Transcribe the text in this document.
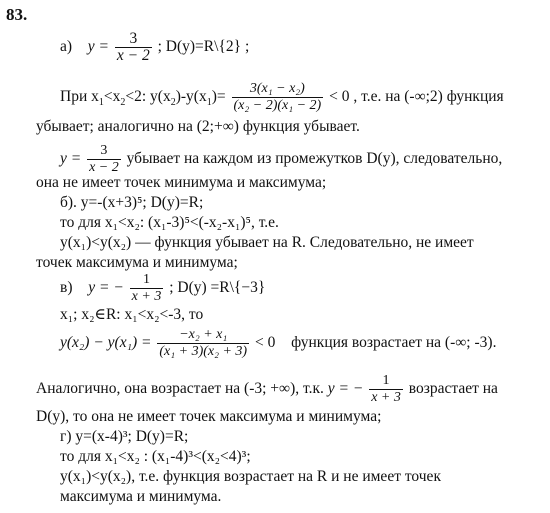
83.
а) $y = \frac{3}{x - 2}$ ; D(y)=R\{2} ;
При $x_1<x_2<2$: $y(x_2)-y(x_1)= \frac{\text{3(x₁ − x₂)}}{\text{(x₂ − 2)(x₁ − 2)}} < 0$ , т.е. на (-∞;2) функция
убывает; аналогично на (2;+∞) функция убывает.
$y = \frac{3}{x - 2}$ убывает на каждом из промежутков D(y), следовательно,
она не имеет точек минимума и максимума;
б). y=-(x+3)⁵; D(y)=R;
то для x₁<x₂: (x₁-3)⁵<(-x₂-x₁)⁵, т.е.
y(x₁)<y(x₂) — функция убывает на R. Следовательно, не имеет
точек максимума и минимума;
в) y = − $\frac{1}{x + 3}$ ; D(y) =R\{−3}
x₁; x₂∈R: x₁<x₂<-3, то
$y(x_2) - y(x_1) = \frac{\text{−x₂ + x₁}}{\text{(x₁ + 3)(x₂ + 3)}} < 0$ функция возрастает на (-∞; -3).
Аналогично, она возрастает на (-3; +∞), т.к. y = − $\frac{1}{x + 3}$ возрастает на
D(y), то она не имеет точек максимума и минимума;
г) y=(x-4)³; D(y)=R;
то для x₁<x₂ : (x₁-4)³<(x₂<4)³;
y(x₁)<y(x₂), т.е. функция возрастает на R и не имеет точек
максимума и минимума.
